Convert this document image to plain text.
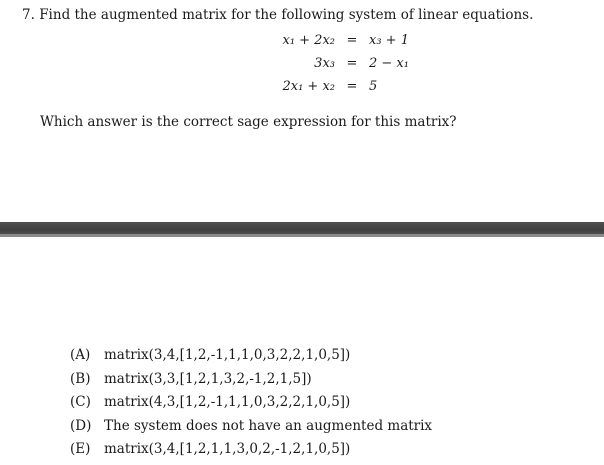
7. Find the augmented matrix for the following system of linear equations.
x₁ + 2x₂ = x₃ + 1
3x₃ = 2 − x₁
2x₁ + x₂ = 5
Which answer is the correct sage expression for this matrix?
(A)	matrix(3,4,[1,2,-1,1,1,0,3,2,2,1,0,5])
(B)	matrix(3,3,[1,2,1,3,2,-1,2,1,5])
(C) matrix(4,3,[1,2,-1,1,1,0,3,2,2,1,0,5])
(D) The system does not have an augmented matrix
(E)	matrix(3,4,[1,2,1,1,3,0,2,-1,2,1,0,5])
